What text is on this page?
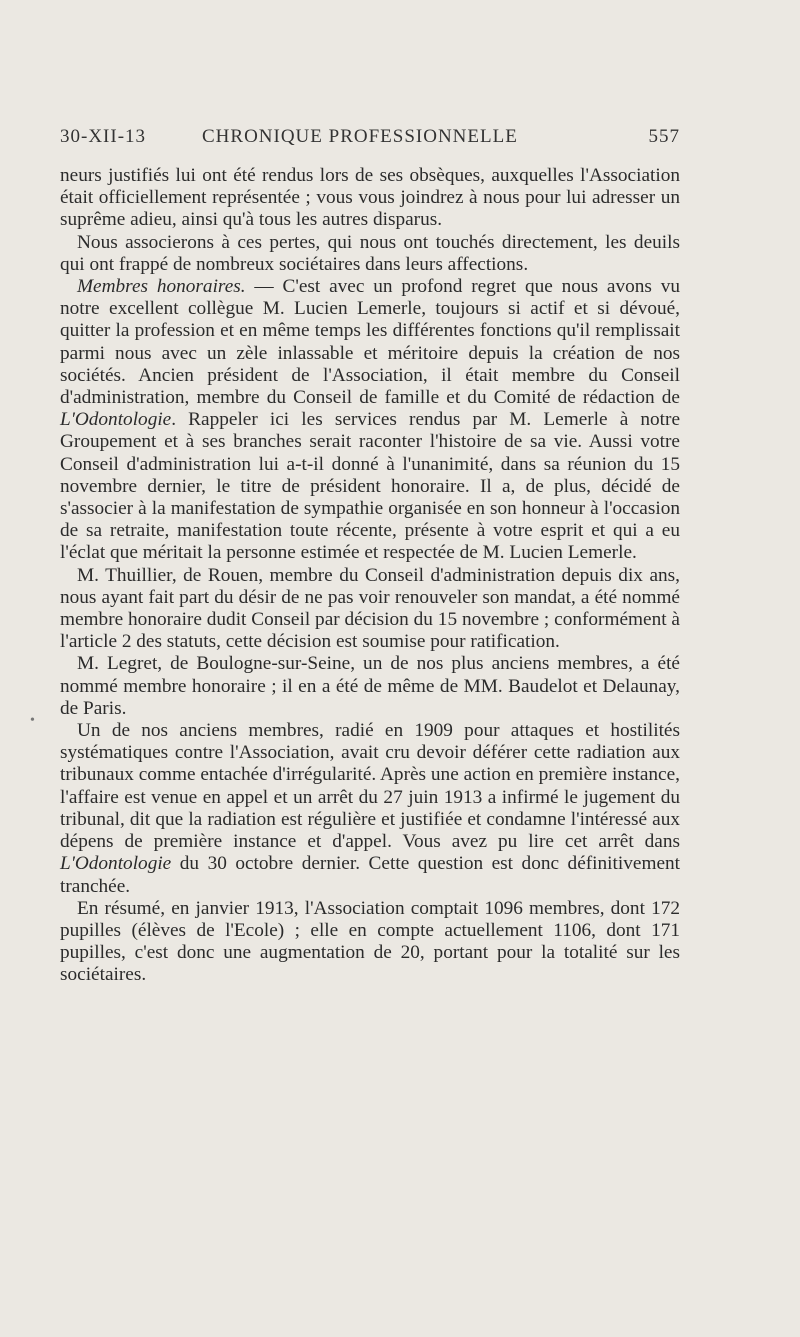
30-XII-13	CHRONIQUE PROFESSIONNELLE	557
•

neurs justifiés lui ont été rendus lors de ses obsèques, auxquelles l'Association était officiellement représentée ; vous vous joindrez à nous pour lui adresser un suprême adieu, ainsi qu'à tous les autres disparus.

Nous associerons à ces pertes, qui nous ont touchés directement, les deuils qui ont frappé de nombreux sociétaires dans leurs affections.

Membres honoraires. — C'est avec un profond regret que nous avons vu notre excellent collègue M. Lucien Lemerle, toujours si actif et si dévoué, quitter la profession et en même temps les différentes fonctions qu'il remplissait parmi nous avec un zèle inlassable et méritoire depuis la création de nos sociétés. Ancien président de l'Association, il était membre du Conseil d'administration, membre du Conseil de famille et du Comité de rédaction de L'Odontologie. Rappeler ici les services rendus par M. Lemerle à notre Groupement et à ses branches serait raconter l'histoire de sa vie. Aussi votre Conseil d'administration lui a-t-il donné à l'unanimité, dans sa réunion du 15 novembre dernier, le titre de président honoraire. Il a, de plus, décidé de s'associer à la manifestation de sympathie organisée en son honneur à l'occasion de sa retraite, manifestation toute récente, présente à votre esprit et qui a eu l'éclat que méritait la personne estimée et respectée de M. Lucien Lemerle.

M. Thuillier, de Rouen, membre du Conseil d'administration depuis dix ans, nous ayant fait part du désir de ne pas voir renouveler son mandat, a été nommé membre honoraire dudit Conseil par décision du 15 novembre ; conformément à l'article 2 des statuts, cette décision est soumise pour ratification.

M. Legret, de Boulogne-sur-Seine, un de nos plus anciens membres, a été nommé membre honoraire ; il en a été de même de MM. Baudelot et Delaunay, de Paris.

Un de nos anciens membres, radié en 1909 pour attaques et hostilités systématiques contre l'Association, avait cru devoir déférer cette radiation aux tribunaux comme entachée d'irrégularité. Après une action en première instance, l'affaire est venue en appel et un arrêt du 27 juin 1913 a infirmé le jugement du tribunal, dit que la radiation est régulière et justifiée et condamne l'intéressé aux dépens de première instance et d'appel. Vous avez pu lire cet arrêt dans L'Odontologie du 30 octobre dernier. Cette question est donc définitivement tranchée.

En résumé, en janvier 1913, l'Association comptait 1096 membres, dont 172 pupilles (élèves de l'Ecole) ; elle en compte actuellement 1106, dont 171 pupilles, c'est donc une augmentation de 20, portant pour la totalité sur les sociétaires.
